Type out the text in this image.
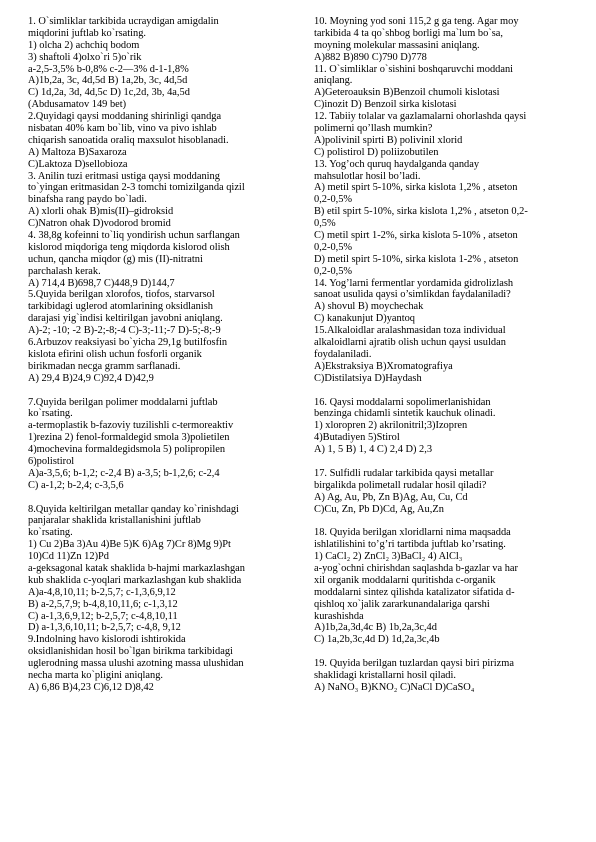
1. O`simliklar tarkibida ucraydigan amigdalin
miqdorini juftlab ko`rsating.
1) olcha 2) achchiq bodom
3) shaftoli 4)olxo`ri 5)o`rik
a-2,5-3,5% b-0,8% c-2—3% d-1-1,8%
A)1b,2a, 3c, 4d,5d B) 1a,2b, 3c, 4d,5d
C) 1d,2a, 3d, 4d,5c D) 1c,2d, 3b, 4a,5d
(Abdusamatov 149 bet)
2.Quyidagi qaysi moddaning shirinligi qandga
nisbatan 40% kam bo`lib, vino va pivo ishlab
chiqarish sanoatida oraliq maxsulot hisoblanadi.
A) Maltoza B)Saxaroza
C)Laktoza D)sellobioza
3. Anilin tuzi eritmasi ustiga qaysi moddaning
to`yingan eritmasidan 2-3 tomchi tomizilganda qizil
binafsha rang paydo bo`ladi.
A) xlorli ohak B)mis(II)–gidroksid
C)Natron ohak D)vodorod bromid
4. 38,8g kofeinni to`liq yondirish uchun sarflangan
kislorod miqdoriga teng miqdorda kislorod olish
uchun, qancha miqdor (g) mis (II)-nitratni
parchalash kerak.
A) 714,4 B)698,7 C)448,9 D)144,7
5.Quyida berilgan xlorofos, tiofos, starvarsol
tarkibidagi uglerod atomlarining oksidlanish
darajasi yig`indisi keltirilgan javobni aniqlang.
A)-2; -10; -2 B)-2;-8;-4 C)-3;-11;-7 D)-5;-8;-9
6.Arbuzov reaksiyasi bo`yicha 29,1g butilfosfin
kislota efirini olish uchun fosforli organik
birikmadan necga gramm sarflanadi.
A) 29,4 B)24,9 C)92,4 D)42,9
7.Quyida berilgan polimer moddalarni juftlab
ko`rsating.
a-termoplastik b-fazoviy tuzilishli c-termoreaktiv
1)rezina 2) fenol-formaldegid smola 3)polietilen
4)mochevina formaldegidsmola 5) polipropilen
6)polistirol
A)a-3,5,6; b-1,2; c-2,4 B) a-3,5; b-1,2,6; c-2,4
C) a-1,2; b-2,4; c-3,5,6
8.Quyida keltirilgan metallar qanday ko`rinishdagi
panjaralar shaklida kristallanishini juftlab
ko`rsating.
1) Cu 2)Ba 3)Au 4)Be 5)K 6)Ag 7)Cr 8)Mg 9)Pt
10)Cd 11)Zn 12)Pd
a-geksagonal katak shaklida b-hajmi markazlashgan
kub shaklida c-yoqlari markazlashgan kub shaklida
A)a-4,8,10,11; b-2,5,7; c-1,3,6,9,12
B) a-2,5,7,9; b-4,8,10,11,6; c-1,3,12
C) a-1,3,6,9,12; b-2,5,7; c-4,8,10,11
D) a-1,3,6,10,11; b-2,5,7; c-4,8, 9,12
9.Indolning havo kislorodi ishtirokida
oksidlanishidan hosil bo`lgan birikma tarkibidagi
uglerodning massa ulushi azotning massa ulushidan
necha marta ko`pligini aniqlang.
A) 6,86 B)4,23 C)6,12 D)8,42
10. Moyning yod soni 115,2 g ga teng. Agar moy
tarkibida 4 ta qo`shbog borligi ma`lum bo`sa,
moyning molekular massasini aniqlang.
A)882 B)890 C)790 D)778
11. O`simliklar o`sishini boshqaruvchi moddani
aniqlang.
A)Geteroauksin B)Benzoil chumoli kislotasi
C)inozit D) Benzoil sirka kislotasi
12. Tabiiy tolalar va gazlamalarni ohorlashda qaysi
polimerni qo’llash mumkin?
A)polivinil spirti B) polivinil xlorid
C) polistirol D) poliizobutilen
13. Yog’och quruq haydalganda qanday
mahsulotlar hosil bo’ladi.
A) metil spirt 5-10%, sirka kislota 1,2% , atseton
0,2-0,5%
B) etil spirt 5-10%, sirka kislota 1,2% , atseton 0,2-
0,5%
C) metil spirt 1-2%, sirka kislota 5-10% , atseton
0,2-0,5%
D) metil spirt 5-10%, sirka kislota 1-2% , atseton
0,2-0,5%
14. Yog’larni fermentlar yordamida gidrolizlash
sanoat usulida qaysi o’simlikdan faydalaniladi?
A) shovul B) moychechak
C) kanakunjut D)yantoq
15.Alkaloidlar aralashmasidan toza individual
alkaloidlarni ajratib olish uchun qaysi usuldan
foydalaniladi.
A)Ekstraksiya B)Xromatografiya
C)Distilatsiya D)Haydash
16. Qaysi moddalarni sopolimerlanishidan
benzinga chidamli sintetik kauchuk olinadi.
1) xloropren 2) akrilonitril;3)Izopren
4)Butadiyen 5)Stirol
A) 1, 5 B) 1, 4 C) 2,4 D) 2,3
17. Sulfidli rudalar tarkibida qaysi metallar
birgalikda polimetall rudalar hosil qiladi?
A) Ag, Au, Pb, Zn B)Ag, Au, Cu, Cd
C)Cu, Zn, Pb D)Cd, Ag, Au,Zn
18. Quyida berilgan xloridlarni nima maqsadda
ishlatilishini to’g’ri tartibda juftlab ko’rsating.
1) CaCl₂ 2) ZnCl₂ 3)BaCl₂ 4) AlCl₃
a-yog`ochni chirishdan saqlashda b-gazlar va har
xil organik moddalarni quritishda c-organik
moddalarni sintez qilishda katalizator sifatida d-
qishloq xo`jalik zararkunandalariga qarshi
kurashishda
A)1b,2a,3d,4c B) 1b,2a,3c,4d
C) 1a,2b,3c,4d D) 1d,2a,3c,4b
19. Quyida berilgan tuzlardan qaysi biri pirizma
shaklidagi kristallarni hosil qiladi.
A) NaNO₃ B)KNO₂ C)NaCl D)CaSO₄
